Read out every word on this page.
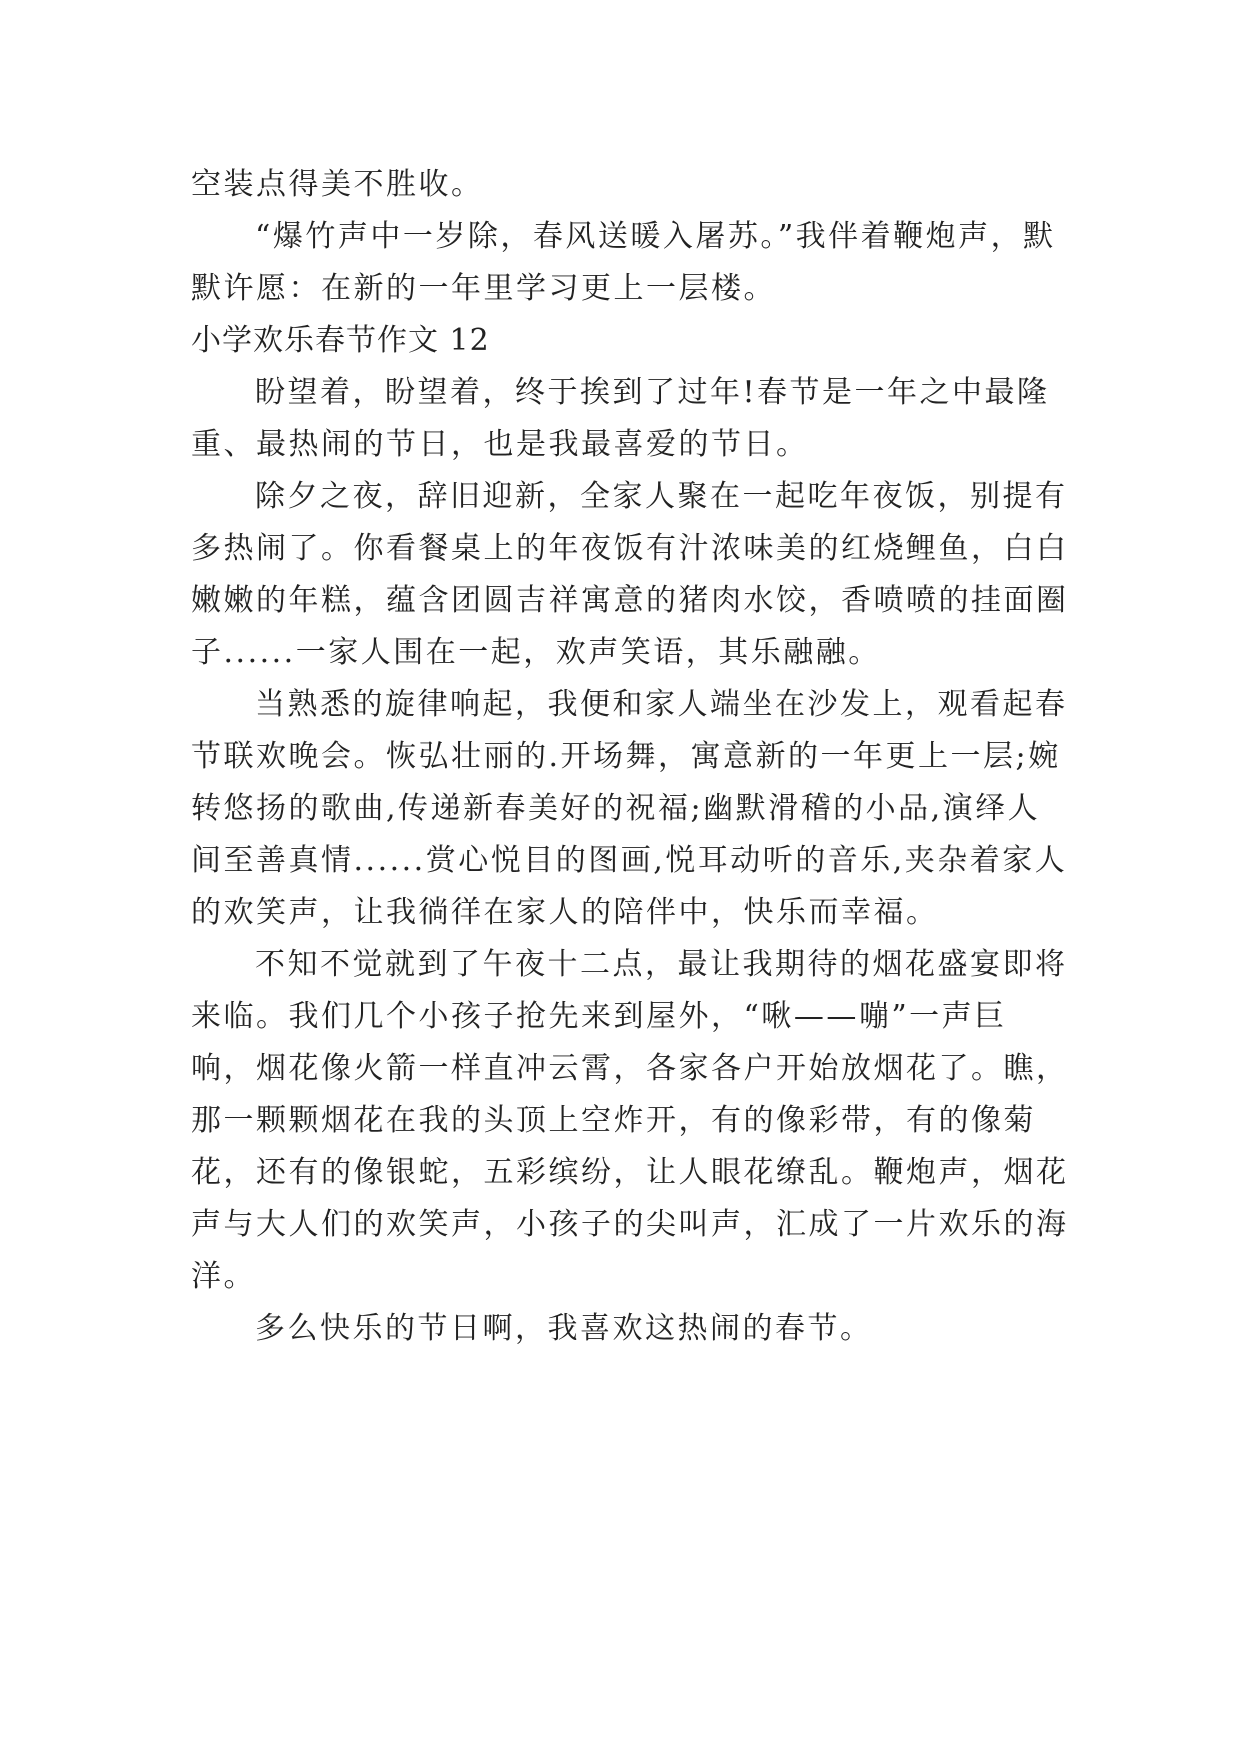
空装点得美不胜收。

“爆竹声中一岁除，春风送暖入屠苏。”我伴着鞭炮声，默默许愿：在新的一年里学习更上一层楼。

小学欢乐春节作文 12

盼望着，盼望着，终于挨到了过年!春节是一年之中最隆重、最热闹的节日，也是我最喜爱的节日。

除夕之夜，辞旧迎新，全家人聚在一起吃年夜饭，别提有多热闹了。你看餐桌上的年夜饭有汁浓味美的红烧鲤鱼，白白嫩嫩的年糕，蕴含团圆吉祥寓意的猪肉水饺，香喷喷的挂面圈子......一家人围在一起，欢声笑语，其乐融融。

当熟悉的旋律响起，我便和家人端坐在沙发上，观看起春节联欢晚会。恢弘壮丽的.开场舞，寓意新的一年更上一层;婉转悠扬的歌曲,传递新春美好的祝福;幽默滑稽的小品,演绎人间至善真情......赏心悦目的图画,悦耳动听的音乐,夹杂着家人的欢笑声，让我徜徉在家人的陪伴中，快乐而幸福。

不知不觉就到了午夜十二点，最让我期待的烟花盛宴即将来临。我们几个小孩子抢先来到屋外，“啾——嘣”一声巨响，烟花像火箭一样直冲云霄，各家各户开始放烟花了。瞧，那一颗颗烟花在我的头顶上空炸开，有的像彩带，有的像菊花，还有的像银蛇，五彩缤纷，让人眼花缭乱。鞭炮声，烟花声与大人们的欢笑声，小孩子的尖叫声，汇成了一片欢乐的海洋。

多么快乐的节日啊，我喜欢这热闹的春节。
